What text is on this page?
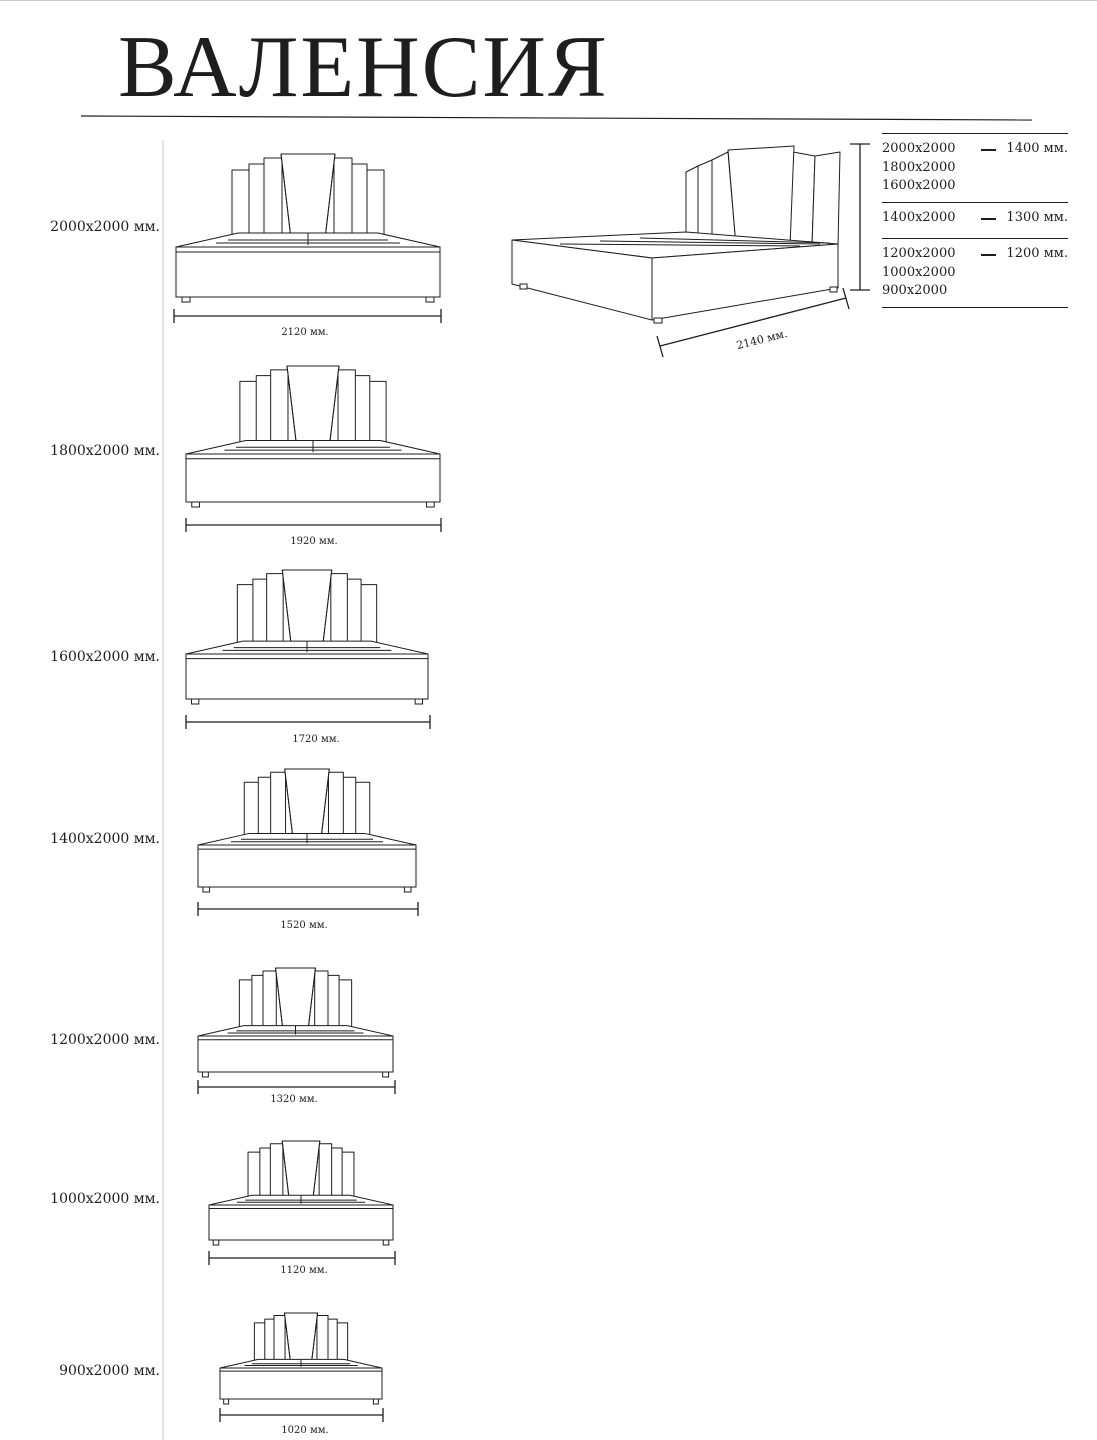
ВАЛЕНСИЯ
2000х2000 мм.
1800х2000 мм.
1600х2000 мм.
1400х2000 мм.
1200х2000 мм.
1000х2000 мм.
900х2000 мм.
2120 мм.
1920 мм.
1720 мм.
1520 мм.
1320 мм.
1120 мм.
1020 мм.
2140 мм.
1400 мм.
2000х2000
1800х2000
1600х2000
1300 мм.
1400х2000
1200 мм.
1200х2000
1000х2000
900х2000
